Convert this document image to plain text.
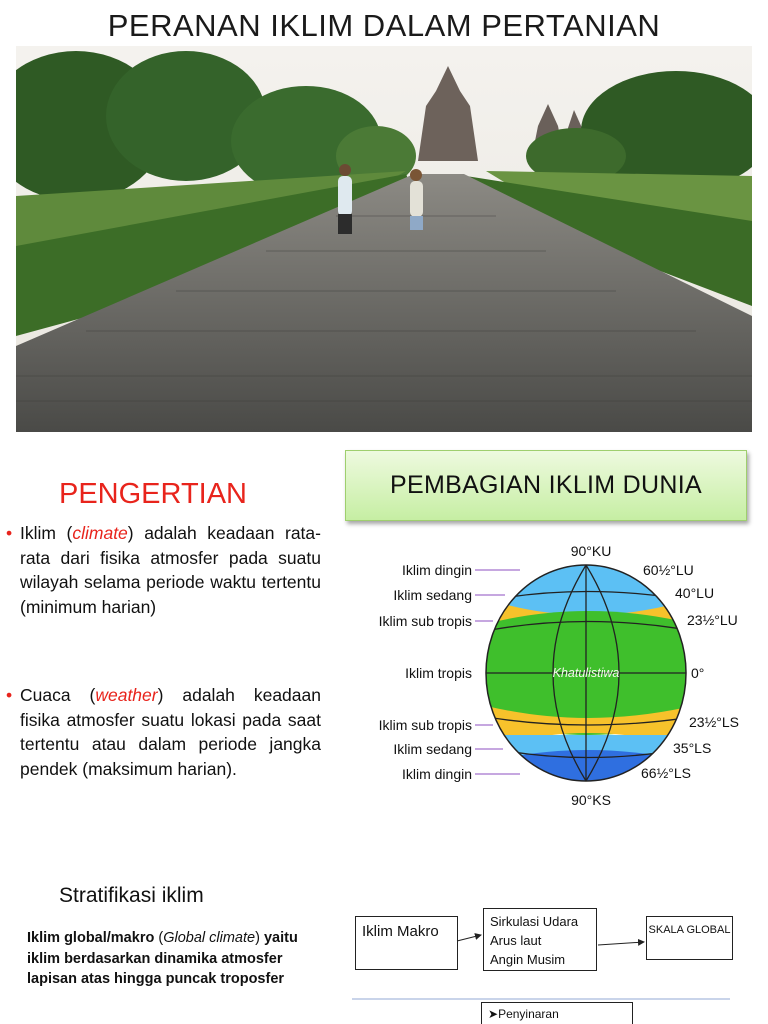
PERANAN IKLIM DALAM PERTANIAN
PENGERTIAN
• Iklim (climate) adalah keadaan rata-rata dari fisika atmosfer pada suatu wilayah selama periode waktu tertentu (minimum harian)
• Cuaca (weather) adalah keadaan fisika atmosfer suatu lokasi pada saat tertentu atau dalam periode jangka pendek (maksimum harian).
PEMBAGIAN IKLIM DUNIA
Iklim dingin
Iklim sedang
Iklim sub tropis
Iklim tropis
Iklim sub tropis
Iklim sedang
Iklim dingin
90°KU
90°KS
60½°LU
40°LU
23½°LU
0°
23½°LS
35°LS
66½°LS
Khatulistiwa
Stratifikasi iklim
Iklim global/makro (Global climate) yaitu iklim berdasarkan dinamika atmosfer lapisan atas hingga puncak troposfer
Iklim Makro
Sirkulasi Udara
Arus laut
Angin Musim
SKALA GLOBAL
➤Penyinaran
